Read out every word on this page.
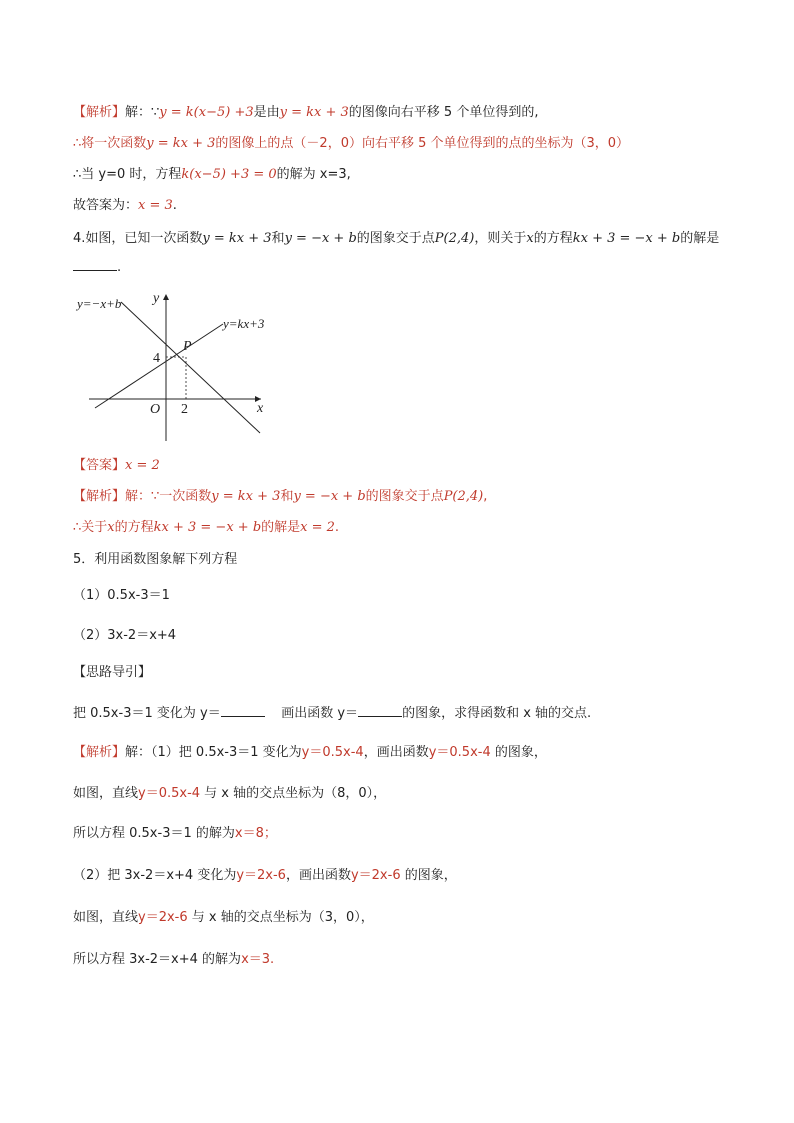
【解析】解：∵y = k(x−5) +3是由y = kx + 3的图像向右平移 5 个单位得到的,
∴将一次函数y = kx + 3的图像上的点（－2，0）向右平移 5 个单位得到的点的坐标为（3，0）
∴当 y=0 时，方程k(x−5) +3 = 0的解为 x=3,
故答案为：x = 3.
4.如图，已知一次函数y = kx + 3和y = −x + b的图象交于点P(2,4)，则关于x的方程kx + 3 = −x + b的解是
.
y=−x+b
y=kx+3
y
x
O 2
4
P
【答案】x = 2
【解析】解：∵一次函数y = kx + 3和y = −x + b的图象交于点P(2,4),
∴关于x的方程kx + 3 = −x + b的解是x = 2.
5．利用函数图象解下列方程
（1）0.5x-3＝1
（2）3x-2＝x+4
【思路导引】
把 0.5x-3＝1 变化为 y＝	画出函数 y＝	的图象，求得函数和 x 轴的交点.
【解析】解：（1）把 0.5x-3＝1 变化为y＝0.5x-4，画出函数y＝0.5x-4 的图象，
如图，直线y＝0.5x-4 与 x 轴的交点坐标为（8，0），
所以方程 0.5x-3＝1 的解为x＝8；
（2）把 3x-2＝x+4 变化为y＝2x-6，画出函数y＝2x-6 的图象，
如图，直线y＝2x-6 与 x 轴的交点坐标为（3，0），
所以方程 3x-2＝x+4 的解为x＝3.
